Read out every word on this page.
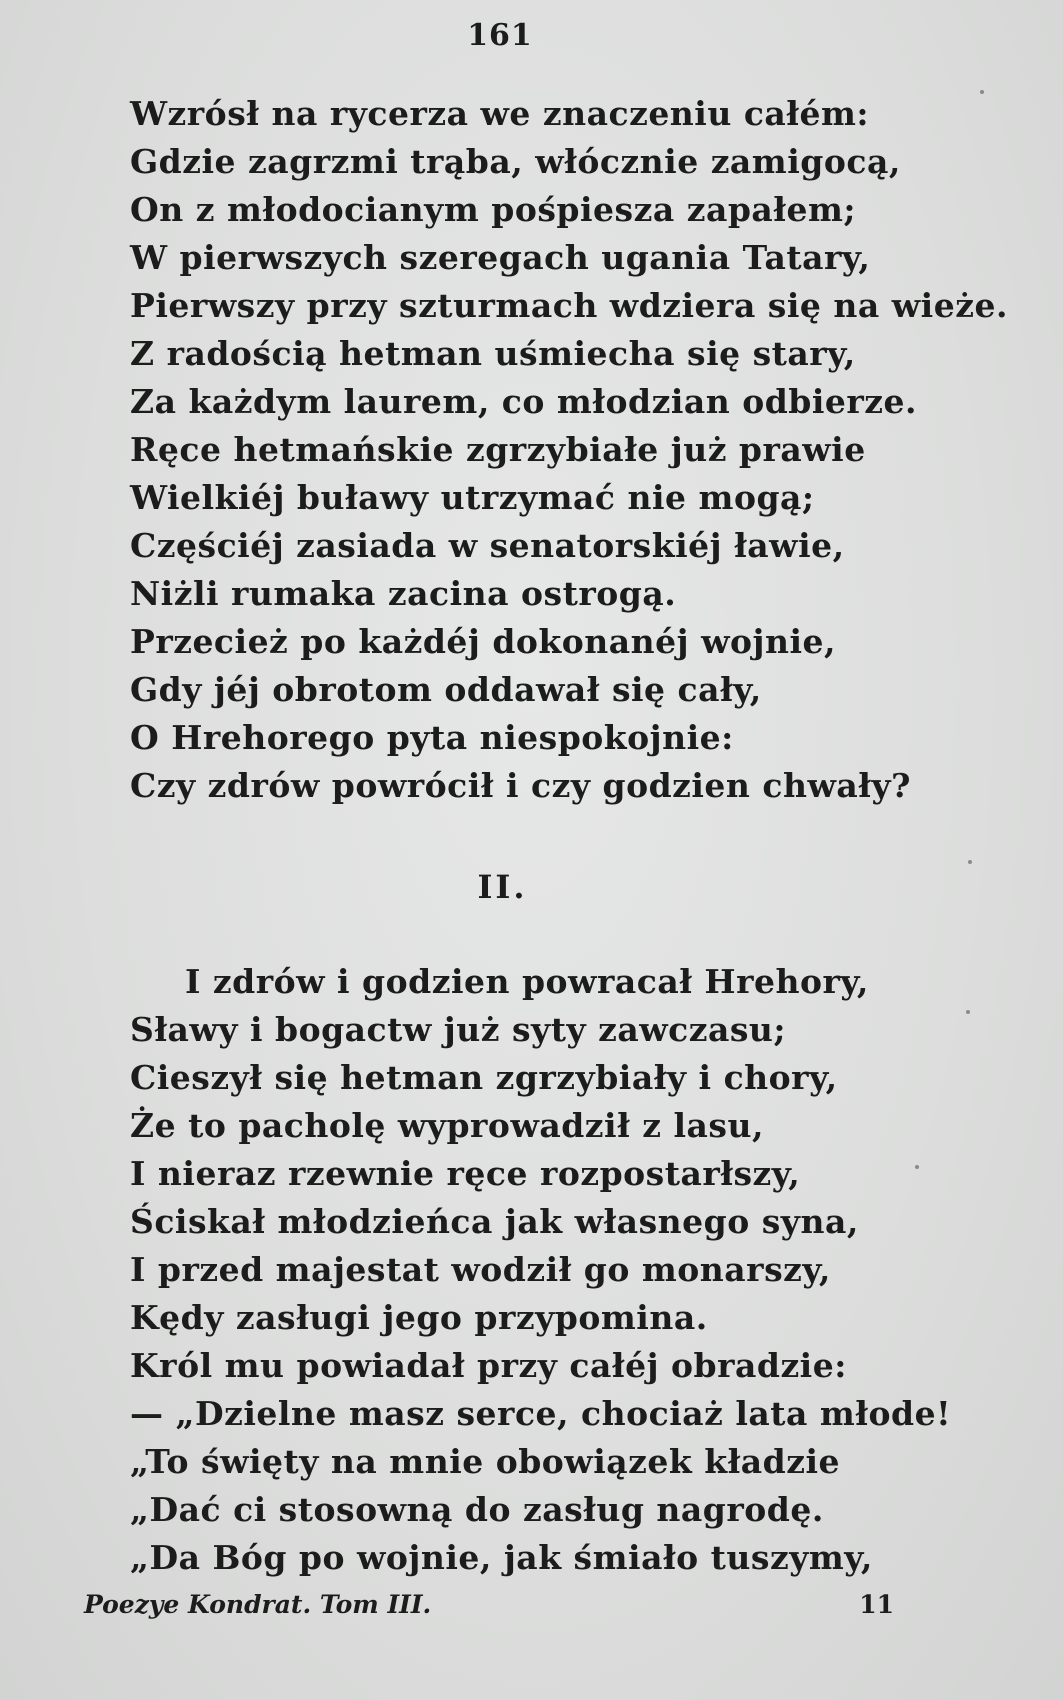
161
Wzrósł na rycerza we znaczeniu całém:
Gdzie zagrzmi trąba, włócznie zamigocą,
On z młodocianym pośpiesza zapałem;
W pierwszych szeregach ugania Tatary,
Pierwszy przy szturmach wdziera się na wieże.
Z radością hetman uśmiecha się stary,
Za każdym laurem, co młodzian odbierze.
Ręce hetmańskie zgrzybiałe już prawie
Wielkiéj buławy utrzymać nie mogą;
Częściéj zasiada w senatorskiéj ławie,
Niżli rumaka zacina ostrogą.
Przecież po każdéj dokonanéj wojnie,
Gdy jéj obrotom oddawał się cały,
O Hrehorego pyta niespokojnie:
Czy zdrów powrócił i czy godzien chwały?
II.
I zdrów i godzien powracał Hrehory,
Sławy i bogactw już syty zawczasu;
Cieszył się hetman zgrzybiały i chory,
Że to pacholę wyprowadził z lasu,
I nieraz rzewnie ręce rozpostarłszy,
Ściskał młodzieńca jak własnego syna,
I przed majestat wodził go monarszy,
Kędy zasługi jego przypomina.
Król mu powiadał przy całéj obradzie:
— „Dzielne masz serce, chociaż lata młode!
„To święty na mnie obowiązek kładzie
„Dać ci stosowną do zasług nagrodę.
„Da Bóg po wojnie, jak śmiało tuszymy,
Poezye Kondrat. Tom III.	11
